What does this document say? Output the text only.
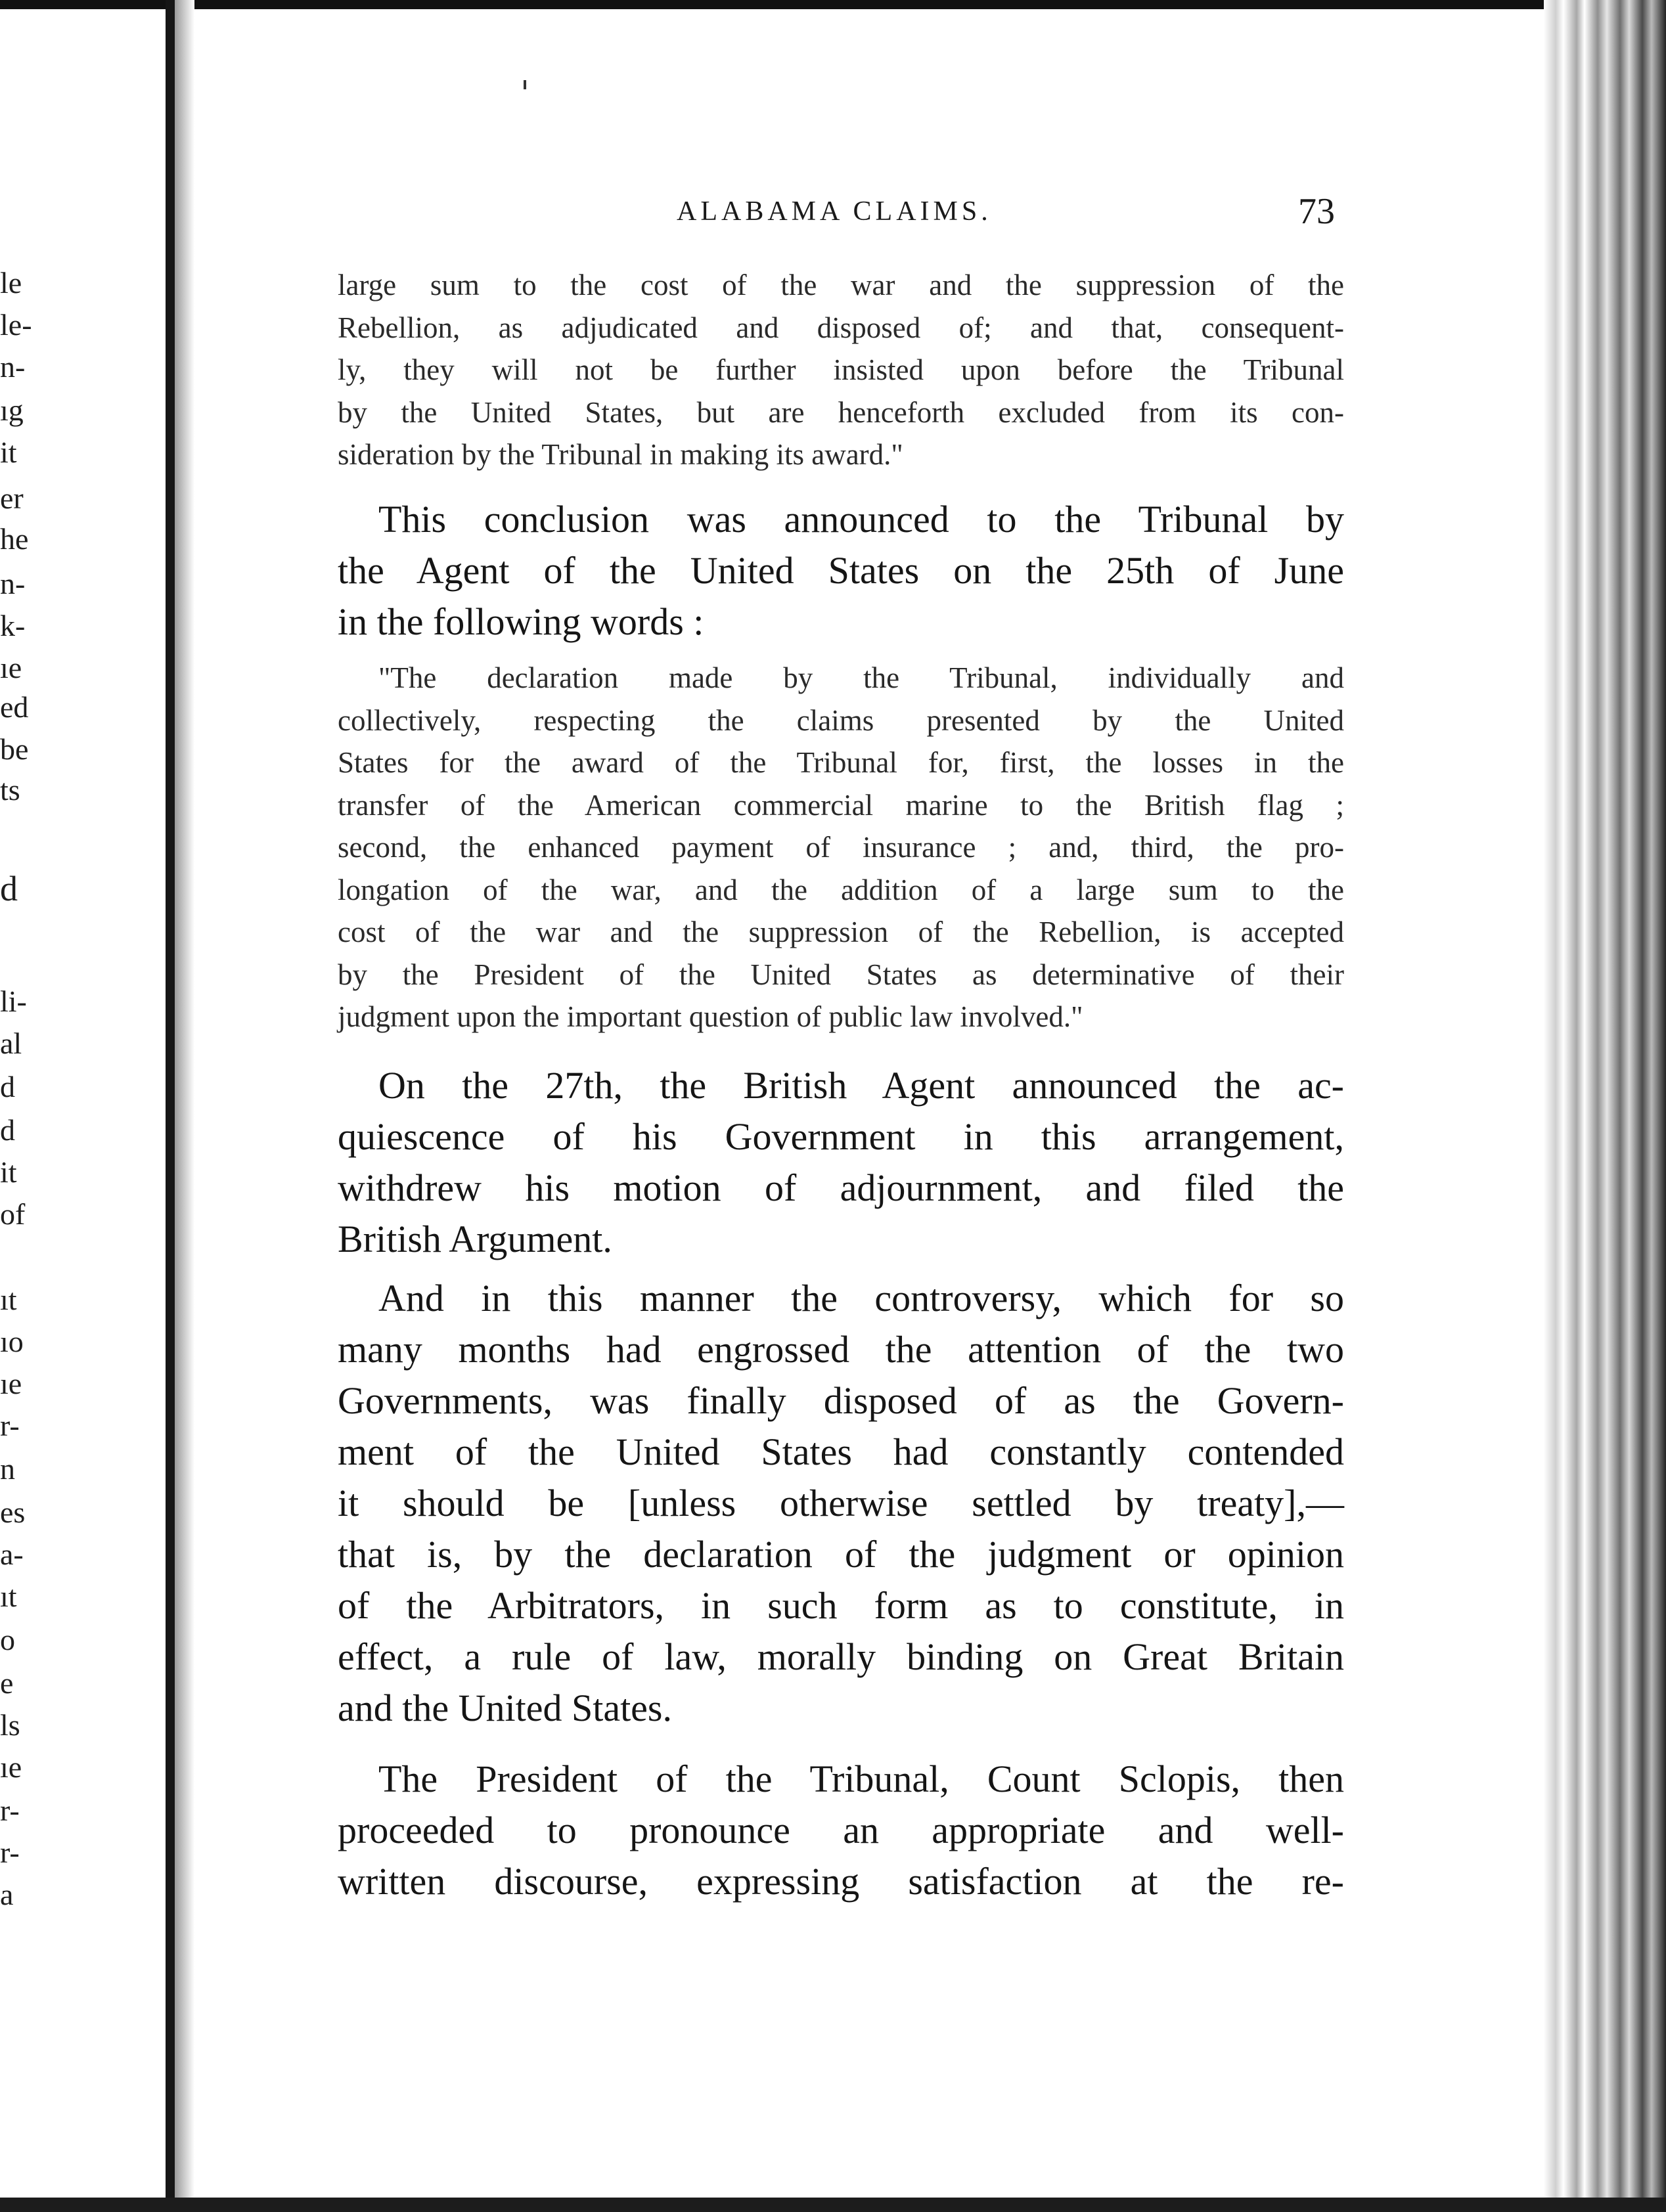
le
le-
n-
ıg
it
er
he
n-
k-
ıe
ed
be
ts
d
li-
al
d
d
it
of
ıt
ıo
ıe
r-
n
es
a-
ıt
o
e
ls
ıe
r-
r-
a
ALABAMA CLAIMS.	73
large sum to the cost of the war and the suppression of the
Rebellion, as adjudicated and disposed of; and that, consequent-
ly, they will not be further insisted upon before the Tribunal
by the United States, but are henceforth excluded from its con-
sideration by the Tribunal in making its award."
This conclusion was announced to the Tribunal by
the Agent of the United States on the 25th of June
in the following words :
"The declaration made by the Tribunal, individually and
collectively, respecting the claims presented by the United
States for the award of the Tribunal for, first, the losses in the
transfer of the American commercial marine to the British flag ;
second, the enhanced payment of insurance ; and, third, the pro-
longation of the war, and the addition of a large sum to the
cost of the war and the suppression of the Rebellion, is accepted
by the President of the United States as determinative of their
judgment upon the important question of public law involved."
On the 27th, the British Agent announced the ac-
quiescence of his Government in this arrangement,
withdrew his motion of adjournment, and filed the
British Argument.
And in this manner the controversy, which for so
many months had engrossed the attention of the two
Governments, was finally disposed of as the Govern-
ment of the United States had constantly contended
it should be [unless otherwise settled by treaty],—
that is, by the declaration of the judgment or opinion
of the Arbitrators, in such form as to constitute, in
effect, a rule of law, morally binding on Great Britain
and the United States.
The President of the Tribunal, Count Sclopis, then
proceeded to pronounce an appropriate and well-
written discourse, expressing satisfaction at the re-
